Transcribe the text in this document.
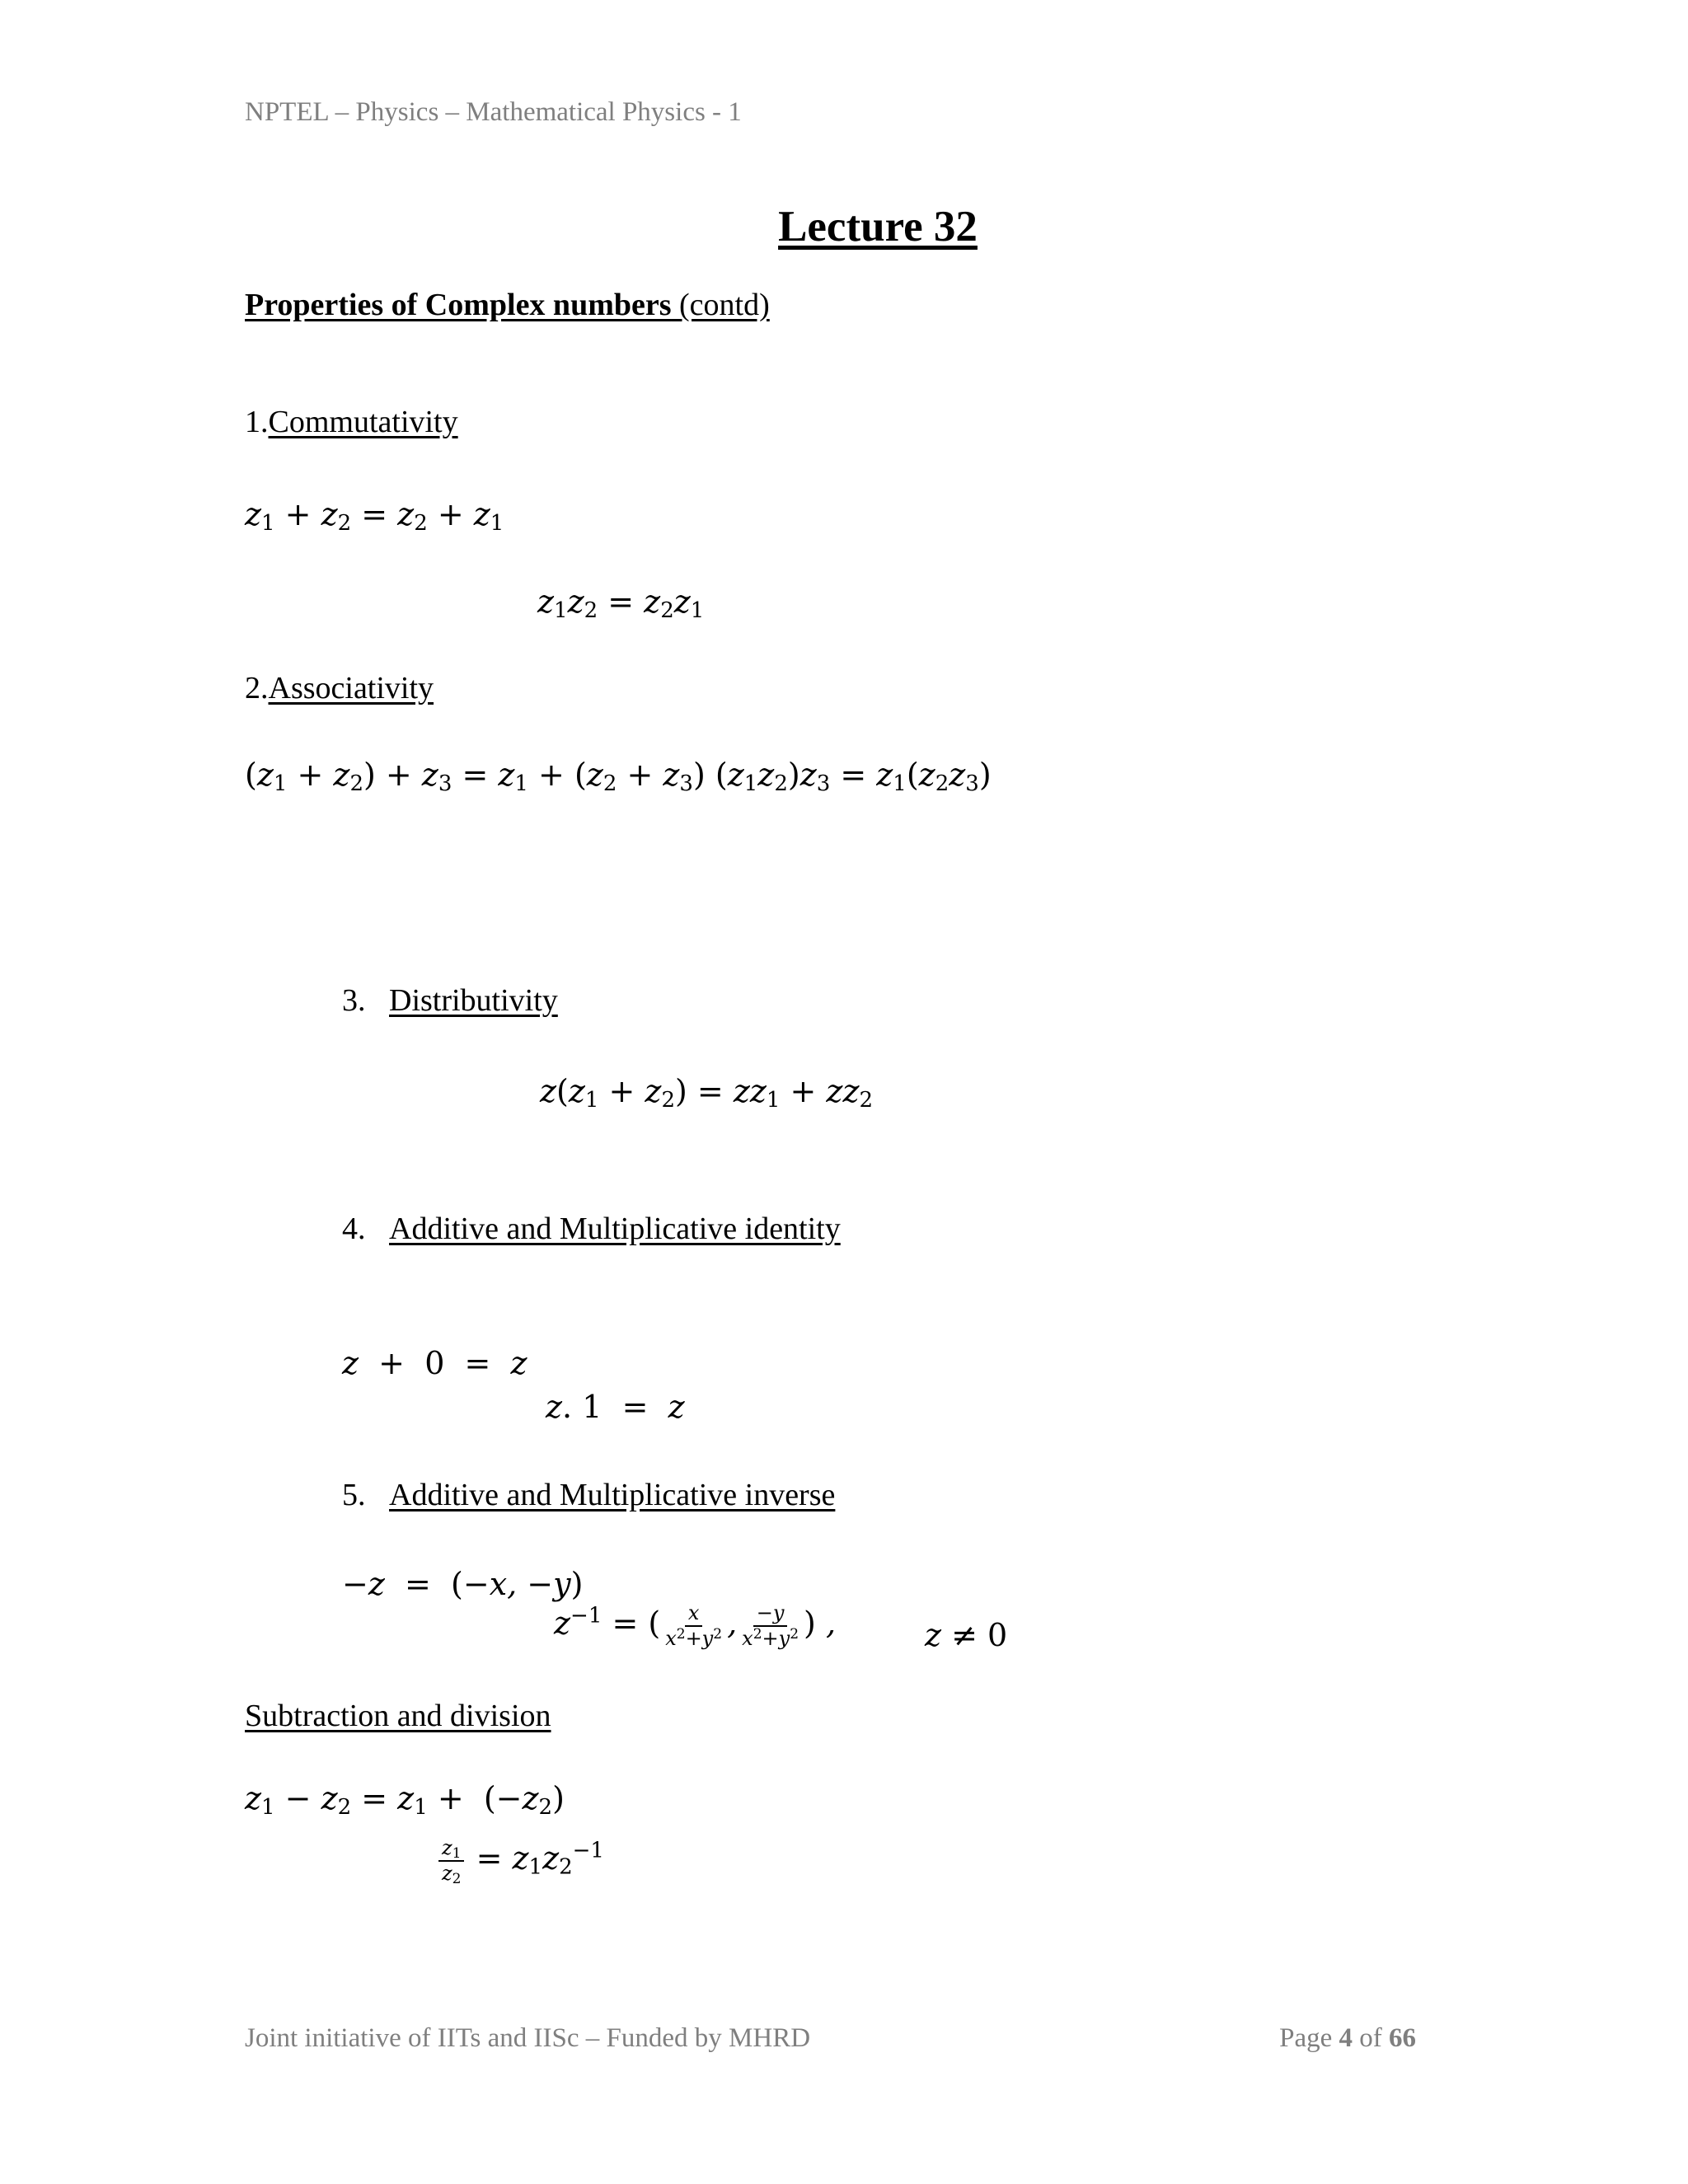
NPTEL – Physics – Mathematical Physics - 1
Lecture 32
Properties of Complex numbers (contd)
1.Commutativity
$z_1 + z_2 = z_2 + z_1$
$z_1z_2 = z_2z_1$
2.Associativity
$(z_1 + z_2) + z_3 = z_1 + (z_2 + z_3) (z_1z_2)z_3 = z_1(z_2z_3)$
3. Distributivity
$z(z_1 + z_2) = zz_1 + zz_2$
4. Additive and Multiplicative identity
z  +  0  =  z
z. 1  =  z
5. Additive and Multiplicative inverse
−z  =  (−x, −y)
$z^{-1}$ = ( $\frac{x}{x^2+y^2}$ , $\frac{-y}{x^2+y^2}$ ) ,	z ≠ 0
Subtraction and division
$z_1 - z_2 = z_1 + (-z_2)$
$\frac{z_1}{z_2} = z_1z_2^{-1}$
Joint initiative of IITs and IISc – Funded by MHRD	Page 4 of 66
